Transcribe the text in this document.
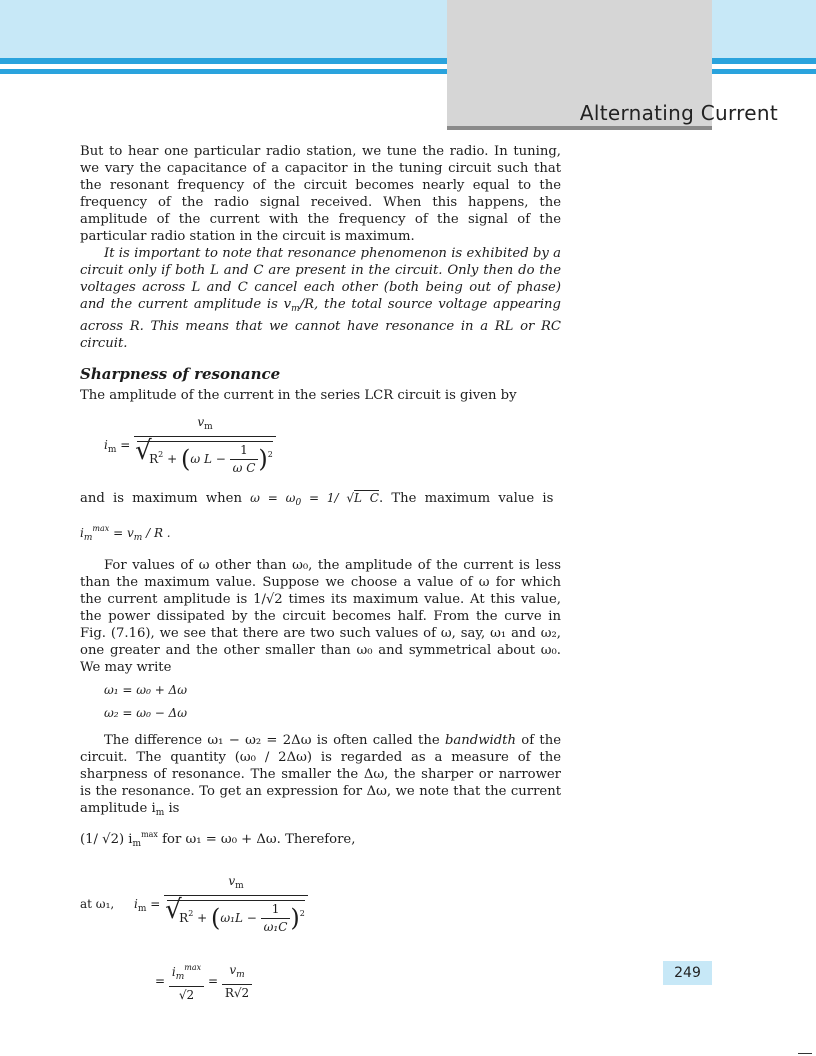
Alternating Current

But to hear one particular radio station, we tune the radio. In tuning, we vary the capacitance of a capacitor in the tuning circuit such that the resonant frequency of the circuit becomes nearly equal to the frequency of the radio signal received. When this happens, the amplitude of the current with the frequency of the signal of the particular radio station in the circuit is maximum.

It is important to note that resonance phenomenon is exhibited by a circuit only if both L and C are present in the circuit. Only then do the voltages across L and C cancel each other (both being out of phase) and the current amplitude is $v_m/R$, the total source voltage appearing across R. This means that we cannot have resonance in a RL or RC circuit.

Sharpness of resonance

The amplitude of the current in the series LCR circuit is given by

$i_m = v_m$
√ $R^2 + (\omega$ $L - \frac{1}{\text{ω C}} )^2$

and is maximum when $\omega = \omega_0 = 1/$ √L C. The maximum value is

$i_m^{max} = v_m / R$ .

For values of ω other than ω₀, the amplitude of the current is less than the maximum value. Suppose we choose a value of ω for which the current amplitude is 1/√2 times its maximum value. At this value, the power dissipated by the circuit becomes half. From the curve in Fig. (7.16), we see that there are two such values of ω, say, ω₁ and ω₂, one greater and the other smaller than ω₀ and symmetrical about ω₀. We may write

ω₁ = ω₀ + Δω
ω₂ = ω₀ − Δω

The difference ω₁ − ω₂ = 2Δω is often called the bandwidth of the circuit. The quantity (ω₀ / 2Δω) is regarded as a measure of the sharpness of resonance. The smaller the Δω, the sharper or narrower is the resonance. To get an expression for Δω, we note that the current amplitude $i_m$ is

(1/ √2) $i_m^{max}$ for ω₁ = ω₀ + Δω. Therefore,

at ω₁, $i_m = v_m$
√ $R^2 + (\omega_1L - \frac{1}{\text{ω₁C}} )^2$
= $\frac{i_m^{max}}{√2} = \frac{v_m}{R√2}$	249
